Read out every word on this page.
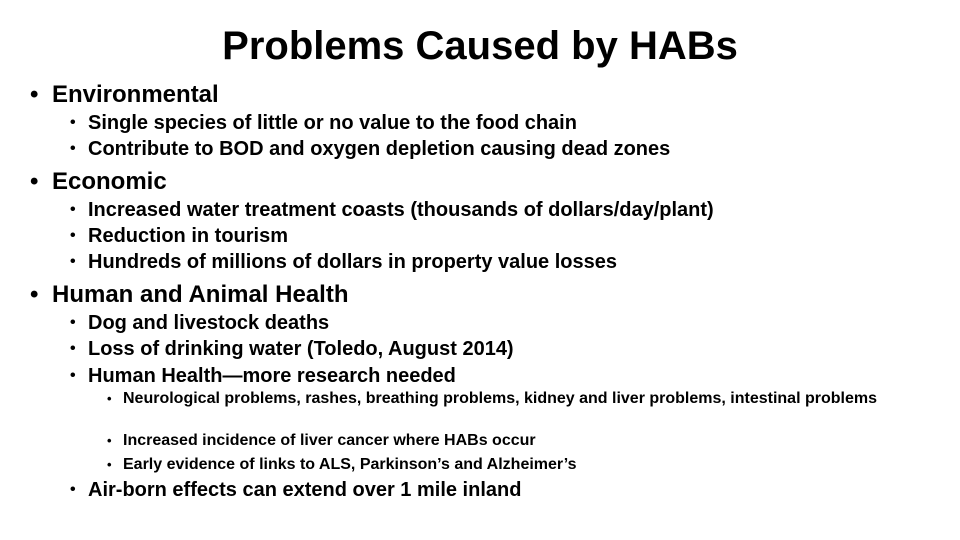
Problems Caused by HABs
• Environmental
• Single species of little or no value to the food chain
• Contribute to BOD and oxygen depletion causing dead zones
• Economic
• Increased water treatment coasts (thousands of dollars/day/plant)
• Reduction in tourism
• Hundreds of millions of dollars in property value losses
• Human and Animal Health
• Dog and livestock deaths
• Loss of drinking water (Toledo, August 2014)
• Human Health—more research needed
• Neurological problems, rashes, breathing problems, kidney and liver problems, intestinal problems
• Increased incidence of liver cancer where HABs occur
• Early evidence of links to ALS, Parkinson’s and Alzheimer’s
• Air-born effects can extend over 1 mile inland
